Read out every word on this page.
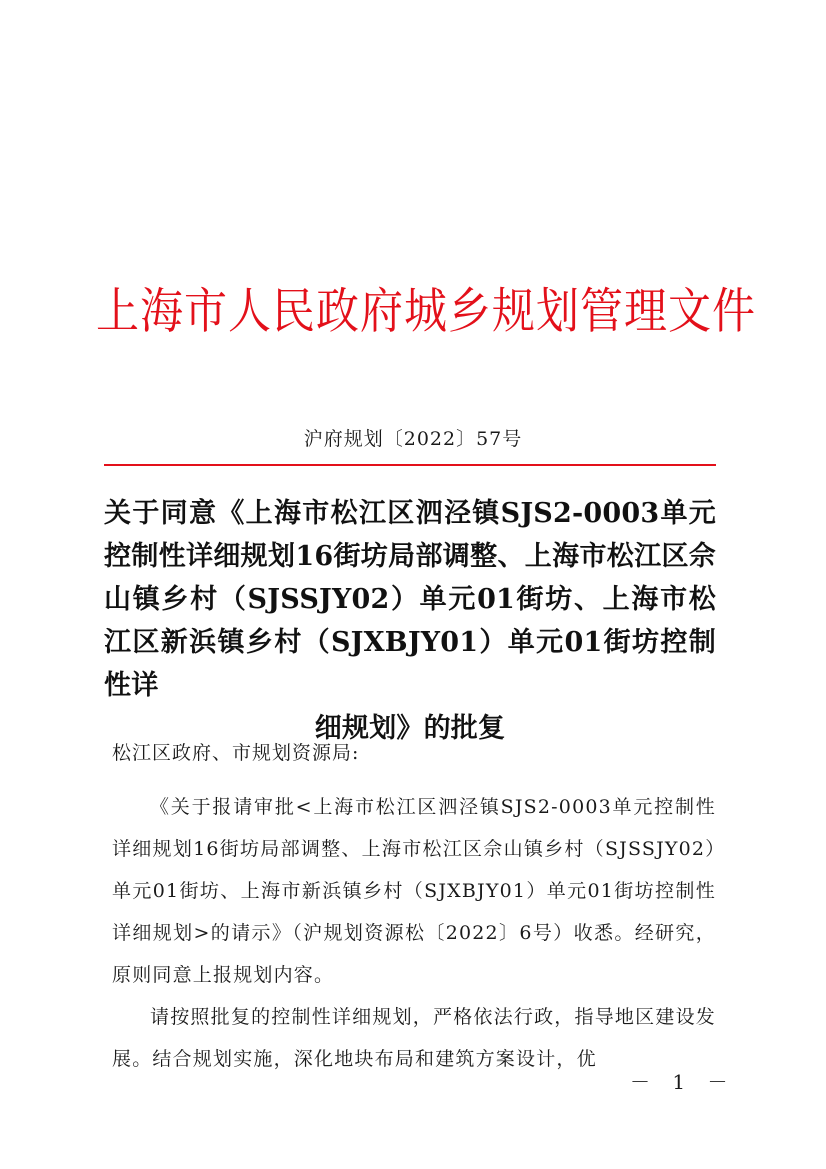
上海市人民政府城乡规划管理文件
沪府规划〔2022〕57号
关于同意《上海市松江区泗泾镇SJS2-0003单元控制性详细规划16街坊局部调整、上海市松江区佘山镇乡村（SJSSJY02）单元01街坊、上海市松江区新浜镇乡村（SJXBJY01）单元01街坊控制性详
细规划》的批复
松江区政府、市规划资源局:

《关于报请审批<上海市松江区泗泾镇SJS2-0003单元控制性详细规划16街坊局部调整、上海市松江区佘山镇乡村（SJSSJY02）单元01街坊、上海市新浜镇乡村（SJXBJY01）单元01街坊控制性详细规划>的请示》（沪规划资源松〔2022〕6号）收悉。经研究，原则同意上报规划内容。

请按照批复的控制性详细规划，严格依法行政，指导地区建设发展。结合规划实施，深化地块布局和建筑方案设计，优

－ 1 －
